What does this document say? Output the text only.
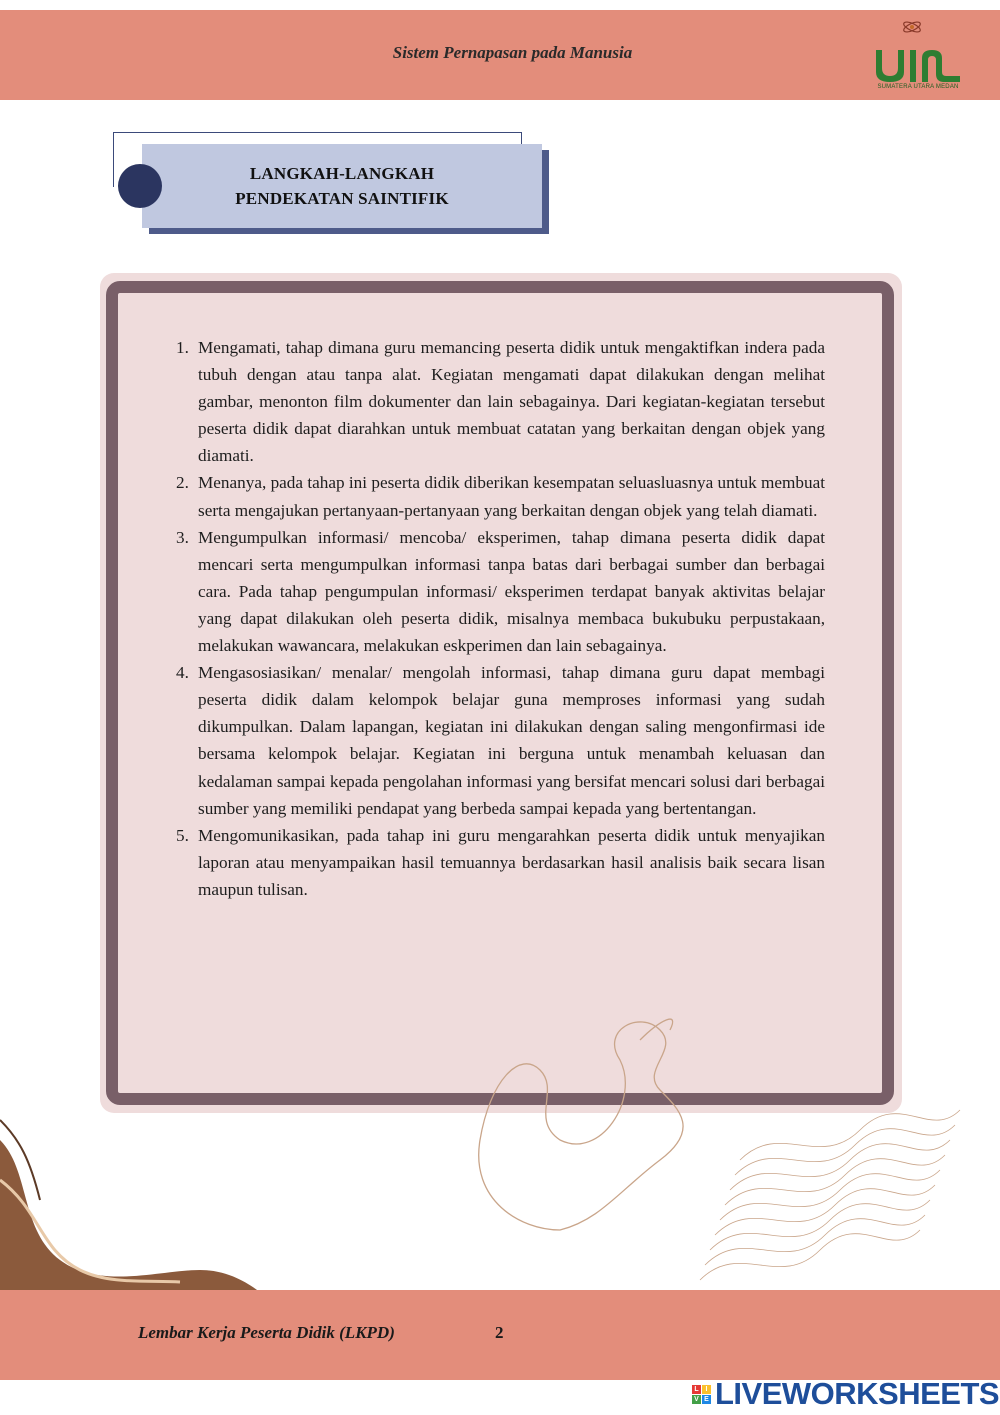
Sistem Pernapasan pada Manusia
SUMATERA UTARA MEDAN
LANGKAH-LANGKAH
PENDEKATAN SAINTIFIK
1. Mengamati, tahap dimana guru memancing peserta didik untuk mengaktifkan indera pada tubuh dengan atau tanpa alat. Kegiatan mengamati dapat dilakukan dengan melihat gambar, menonton film dokumenter dan lain sebagainya. Dari kegiatan-kegiatan tersebut peserta didik dapat diarahkan untuk membuat catatan yang berkaitan dengan objek yang diamati.
2. Menanya, pada tahap ini peserta didik diberikan kesempatan seluasluasnya untuk membuat serta mengajukan pertanyaan-pertanyaan yang berkaitan dengan objek yang telah diamati.
3. Mengumpulkan informasi/ mencoba/ eksperimen, tahap dimana peserta didik dapat mencari serta mengumpulkan informasi tanpa batas dari berbagai sumber dan berbagai cara. Pada tahap pengumpulan informasi/ eksperimen terdapat banyak aktivitas belajar yang dapat dilakukan oleh peserta didik, misalnya membaca bukubuku perpustakaan, melakukan wawancara, melakukan eskperimen dan lain sebagainya.
4. Mengasosiasikan/ menalar/ mengolah informasi, tahap dimana guru dapat membagi peserta didik dalam kelompok belajar guna memproses informasi yang sudah dikumpulkan. Dalam lapangan, kegiatan ini dilakukan dengan saling mengonfirmasi ide bersama kelompok belajar. Kegiatan ini berguna untuk menambah keluasan dan kedalaman sampai kepada pengolahan informasi yang bersifat mencari solusi dari berbagai sumber yang memiliki pendapat yang berbeda sampai kepada yang bertentangan.
5. Mengomunikasikan, pada tahap ini guru mengarahkan peserta didik untuk menyajikan laporan atau menyampaikan hasil temuannya berdasarkan hasil analisis baik secara lisan maupun tulisan.
Lembar Kerja Peserta Didik (LKPD)	2
L I
V E LIVEWORKSHEETS
